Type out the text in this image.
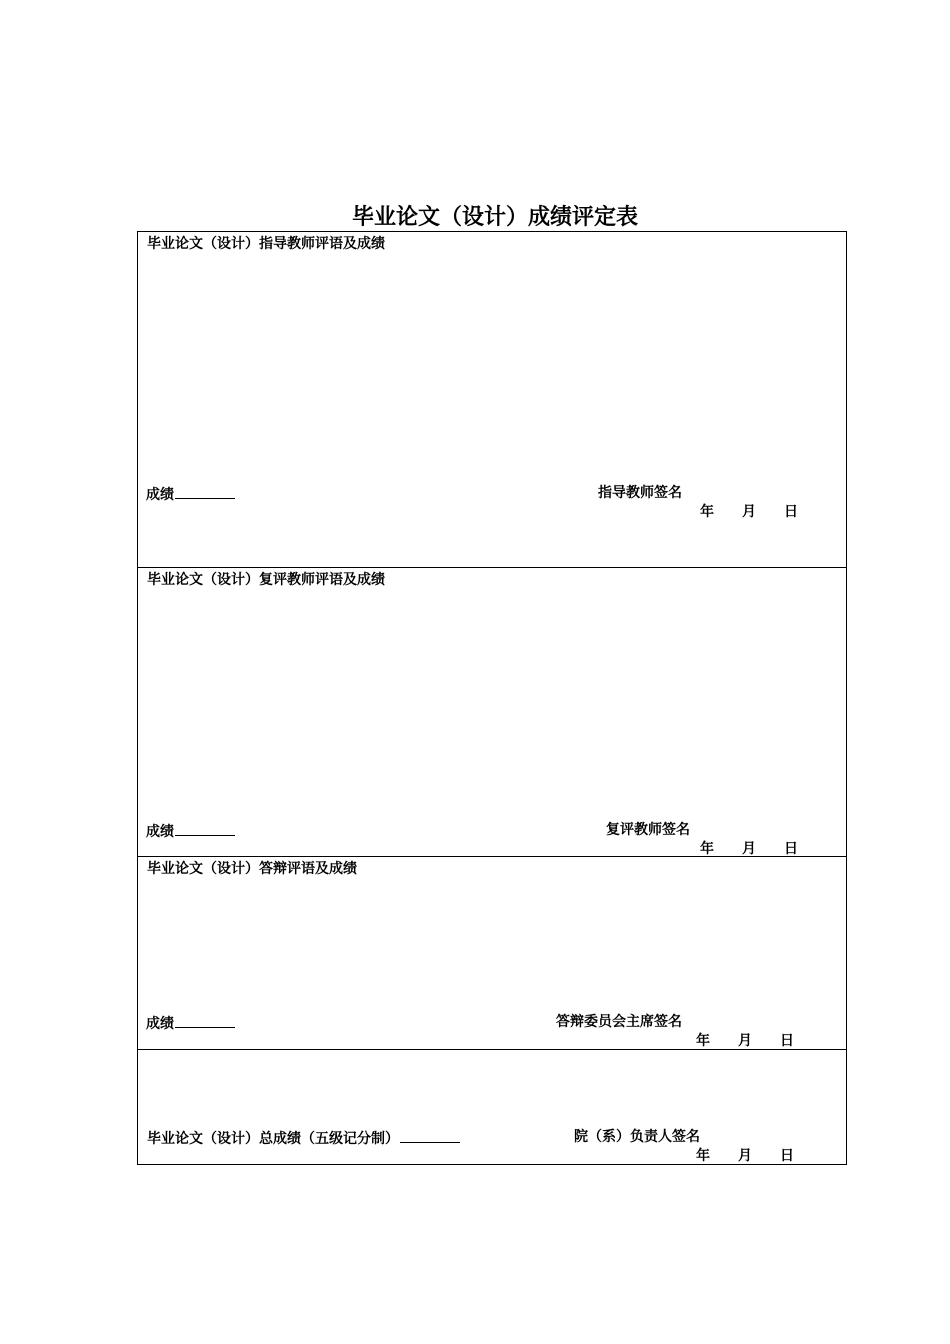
毕业论文（设计）成绩评定表
毕业论文（设计）指导教师评语及成绩
成绩	指导教师签名
年 月 日
毕业论文（设计）复评教师评语及成绩
成绩	复评教师签名
年 月 日
毕业论文（设计）答辩评语及成绩
成绩	答辩委员会主席签名
年 月 日
毕业论文（设计）总成绩（五级记分制）	院（系）负责人签名
年 月 日
